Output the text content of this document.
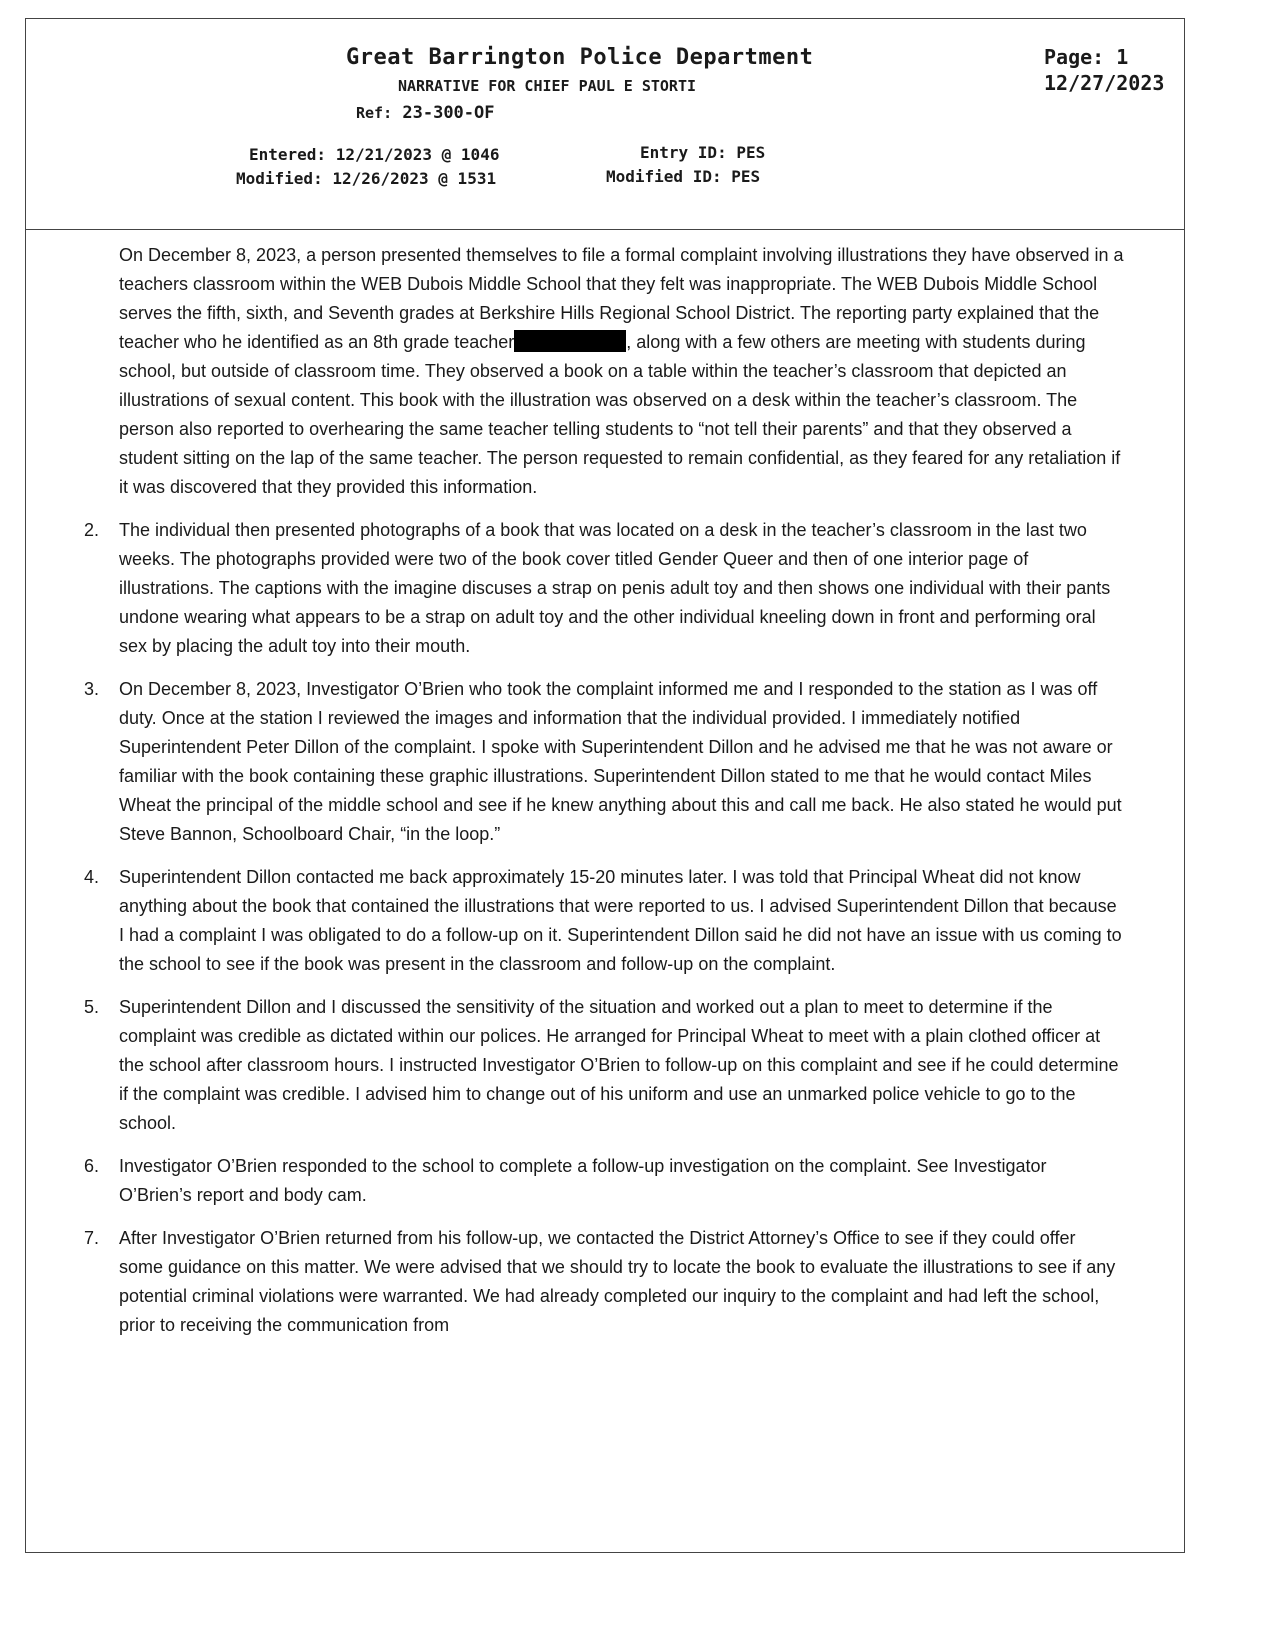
Great Barrington Police Department
NARRATIVE FOR CHIEF PAUL E STORTI
Ref: 23-300-OF
Page: 1
12/27/2023
Entered: 12/21/2023 @ 1046
Modified: 12/26/2023 @ 1531
Entry ID: PES
Modified ID: PES
On December 8, 2023, a person presented themselves to file a formal complaint involving illustrations they have observed in a teachers classroom within the WEB Dubois Middle School that they felt was inappropriate. The WEB Dubois Middle School serves the fifth, sixth, and Seventh grades at Berkshire Hills Regional School District. The reporting party explained that the teacher who he identified as an 8th grade teacher	, along with a few others are meeting with students during school, but outside of classroom time. They observed a book on a table within the teacher’s classroom that depicted an illustrations of sexual content. This book with the illustration was observed on a desk within the teacher’s classroom. The person also reported to overhearing the same teacher telling students to “not tell their parents” and that they observed a student sitting on the lap of the same teacher. The person requested to remain confidential, as they feared for any retaliation if it was discovered that they provided this information.
2.	The individual then presented photographs of a book that was located on a desk in the teacher’s classroom in the last two weeks. The photographs provided were two of the book cover titled Gender Queer and then of one interior page of illustrations. The captions with the imagine discuses a strap on penis adult toy and then shows one individual with their pants undone wearing what appears to be a strap on adult toy and the other individual kneeling down in front and performing oral sex by placing the adult toy into their mouth.
3.	On December 8, 2023, Investigator O’Brien who took the complaint informed me and I responded to the station as I was off duty. Once at the station I reviewed the images and information that the individual provided. I immediately notified Superintendent Peter Dillon of the complaint. I spoke with Superintendent Dillon and he advised me that he was not aware or familiar with the book containing these graphic illustrations. Superintendent Dillon stated to me that he would contact Miles Wheat the principal of the middle school and see if he knew anything about this and call me back. He also stated he would put Steve Bannon, Schoolboard Chair, “in the loop.”
4.	Superintendent Dillon contacted me back approximately 15-20 minutes later. I was told that Principal Wheat did not know anything about the book that contained the illustrations that were reported to us. I advised Superintendent Dillon that because I had a complaint I was obligated to do a follow-up on it. Superintendent Dillon said he did not have an issue with us coming to the school to see if the book was present in the classroom and follow-up on the complaint.
5.	Superintendent Dillon and I discussed the sensitivity of the situation and worked out a plan to meet to determine if the complaint was credible as dictated within our polices. He arranged for Principal Wheat to meet with a plain clothed officer at the school after classroom hours. I instructed Investigator O’Brien to follow-up on this complaint and see if he could determine if the complaint was credible. I advised him to change out of his uniform and use an unmarked police vehicle to go to the school.
6.	Investigator O’Brien responded to the school to complete a follow-up investigation on the complaint. See Investigator O’Brien’s report and body cam.
7.	After Investigator O’Brien returned from his follow-up, we contacted the District Attorney’s Office to see if they could offer some guidance on this matter. We were advised that we should try to locate the book to evaluate the illustrations to see if any potential criminal violations were warranted. We had already completed our inquiry to the complaint and had left the school, prior to receiving the communication from
